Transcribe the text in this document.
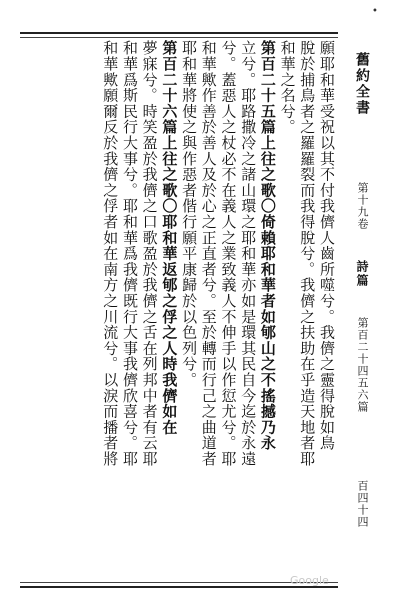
•
願耶和華受祝以其不付我儕人齒所噬兮。我儕之靈得脫如鳥
脫於捕鳥者之羅羅裂而我得脫兮。我儕之扶助在乎造天地者耶
和華之名兮。
第百二十五篇上往之歌〇倚賴耶和華者如郇山之不搖撼乃永
立兮。耶路撒冷之諸山環之耶和華亦如是環其民自今迄於永遠
兮。蓋惡人之杖必不在義人之業致義人不伸手以作愆尤兮。耶
和華歟作善於善人及於心之正直者兮。至於轉而行己之曲道者
耶和華將使之與作惡者偕行願平康歸於以色列兮。
第百二十六篇上往之歌〇耶和華返郇之俘之人時我儕如在
夢寐兮。時笑盈於我儕之口歌盈於我儕之舌在列邦中者有云耶
和華爲斯民行大事兮。耶和華爲我儕既行大事我儕欣喜兮。耶
和華歟願爾反於我儕之俘者如在南方之川流兮。以淚而播者將	舊約全書
第十九卷
詩篇
第百二十四五六篇
百四十四
Google
